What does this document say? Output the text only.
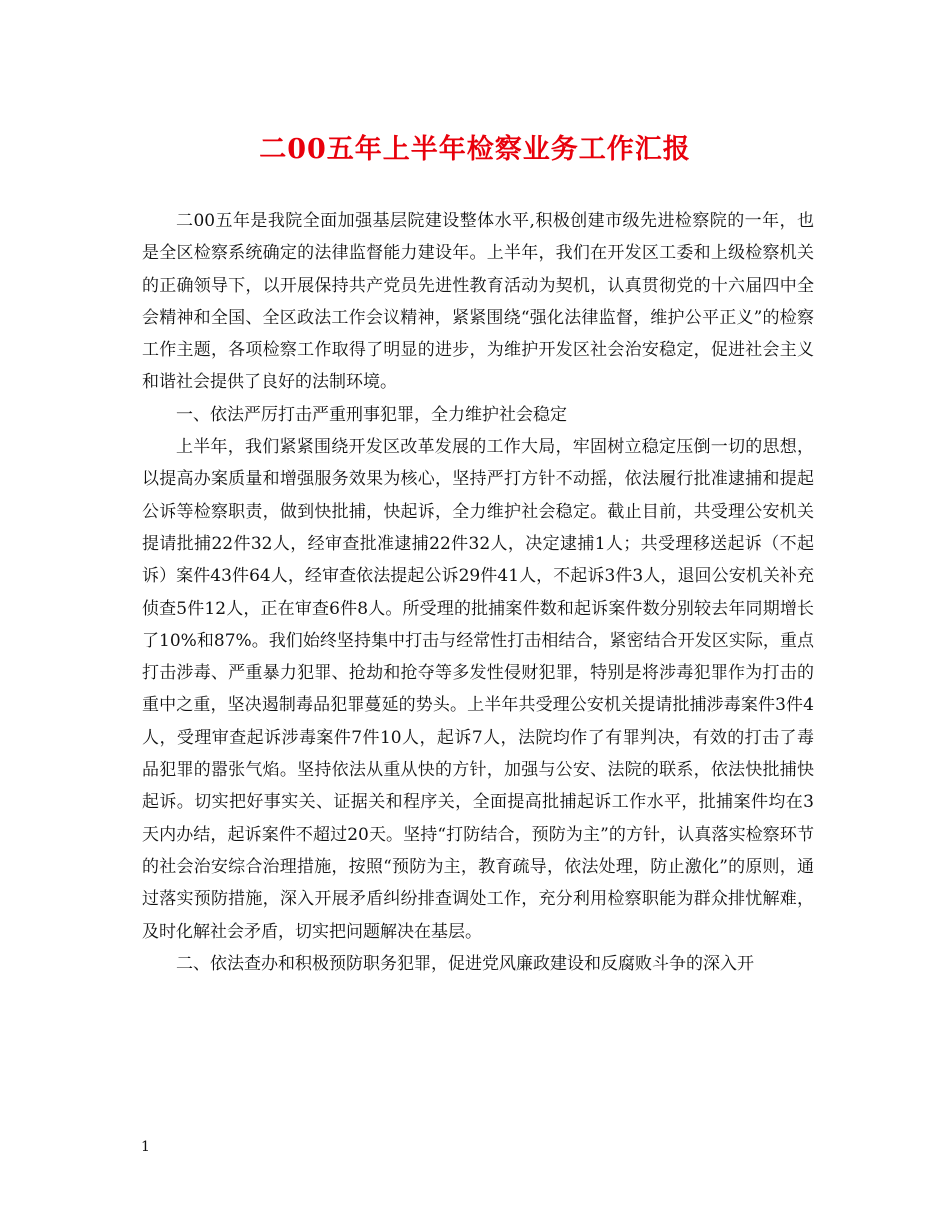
二00五年上半年检察业务工作汇报

二00五年是我院全面加强基层院建设整体水平,积极创建市级先进检察院的一年，也是全区检察系统确定的法律监督能力建设年。上半年，我们在开发区工委和上级检察机关的正确领导下，以开展保持共产党员先进性教育活动为契机，认真贯彻党的十六届四中全会精神和全国、全区政法工作会议精神，紧紧围绕“强化法律监督，维护公平正义”的检察工作主题，各项检察工作取得了明显的进步，为维护开发区社会治安稳定，促进社会主义和谐社会提供了良好的法制环境。

一、依法严厉打击严重刑事犯罪，全力维护社会稳定

上半年，我们紧紧围绕开发区改革发展的工作大局，牢固树立稳定压倒一切的思想，以提高办案质量和增强服务效果为核心，坚持严打方针不动摇，依法履行批准逮捕和提起公诉等检察职责，做到快批捕，快起诉，全力维护社会稳定。截止目前，共受理公安机关提请批捕22件32人，经审查批准逮捕22件32人，决定逮捕1人；共受理移送起诉（不起诉）案件43件64人，经审查依法提起公诉29件41人，不起诉3件3人，退回公安机关补充侦查5件12人，正在审查6件8人。所受理的批捕案件数和起诉案件数分别较去年同期增长了10%和87%。我们始终坚持集中打击与经常性打击相结合，紧密结合开发区实际，重点打击涉毒、严重暴力犯罪、抢劫和抢夺等多发性侵财犯罪，特别是将涉毒犯罪作为打击的重中之重，坚决遏制毒品犯罪蔓延的势头。上半年共受理公安机关提请批捕涉毒案件3件4人，受理审查起诉涉毒案件7件10人，起诉7人，法院均作了有罪判决，有效的打击了毒品犯罪的嚣张气焰。坚持依法从重从快的方针，加强与公安、法院的联系，依法快批捕快起诉。切实把好事实关、证据关和程序关，全面提高批捕起诉工作水平，批捕案件均在3天内办结，起诉案件不超过20天。坚持“打防结合，预防为主”的方针，认真落实检察环节的社会治安综合治理措施，按照“预防为主，教育疏导，依法处理，防止激化”的原则，通过落实预防措施，深入开展矛盾纠纷排查调处工作，充分利用检察职能为群众排忧解难，及时化解社会矛盾，切实把问题解决在基层。

二、依法查办和积极预防职务犯罪，促进党风廉政建设和反腐败斗争的深入开

1
